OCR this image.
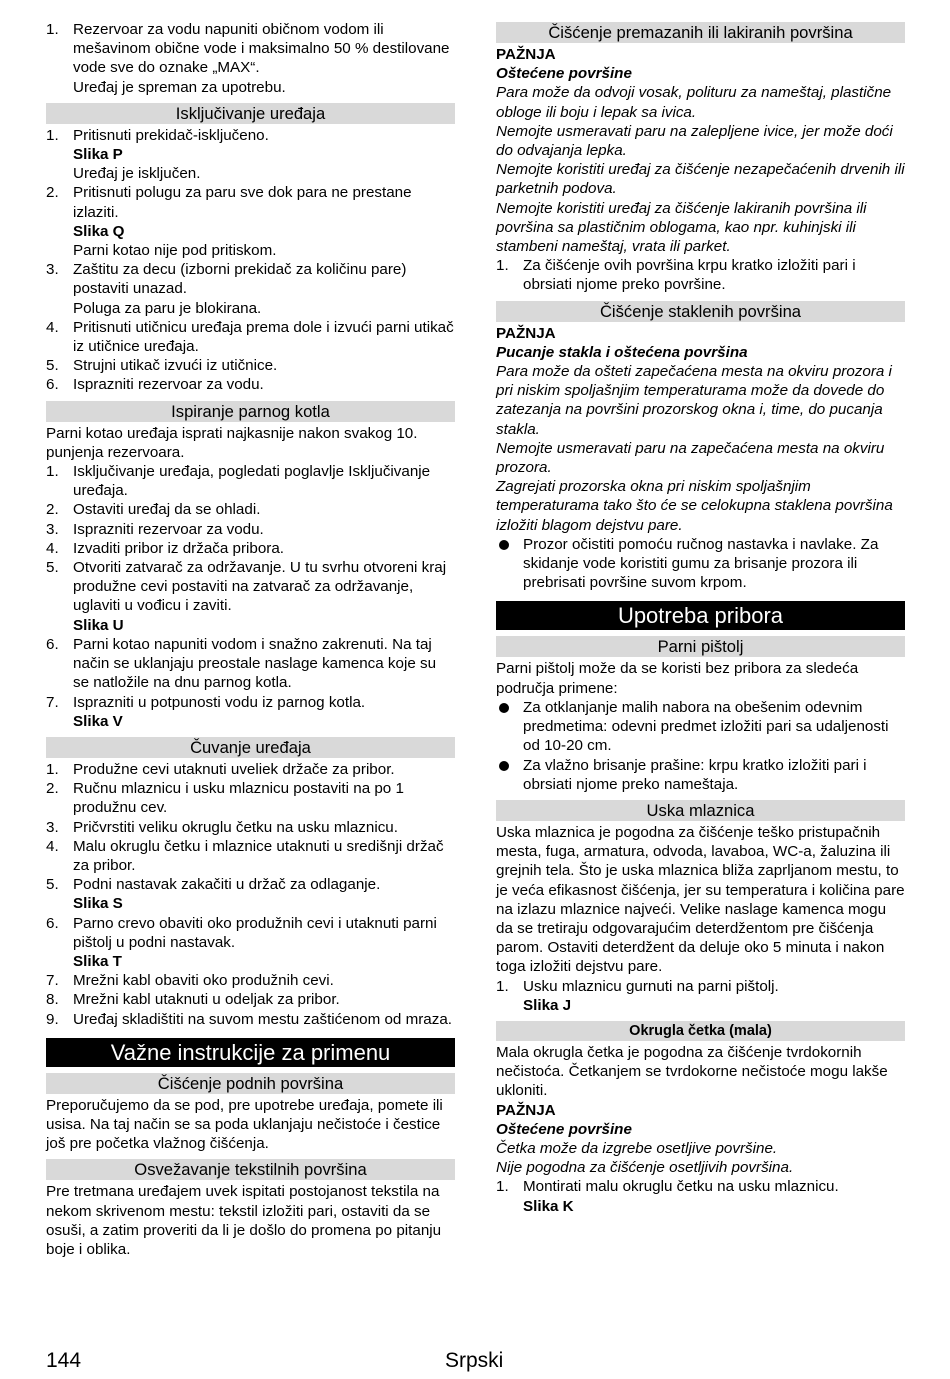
1. Rezervoar za vodu napuniti običnom vodom ili mešavinom obične vode i maksimalno 50 % destilovane vode sve do oznake „MAX“.
Uređaj je spreman za upotrebu.
Isključivanje uređaja
1. Pritisnuti prekidač-isključeno.
Slika P
Uređaj je isključen.
2. Pritisnuti polugu za paru sve dok para ne prestane izlaziti.
Slika Q
Parni kotao nije pod pritiskom.
3. Zaštitu za decu (izborni prekidač za količinu pare) postaviti unazad.
Poluga za paru je blokirana.
4. Pritisnuti utičnicu uređaja prema dole i izvući parni utikač iz utičnice uređaja.
5. Strujni utikač izvući iz utičnice.
6. Isprazniti rezervoar za vodu.
Ispiranje parnog kotla

Parni kotao uređaja isprati najkasnije nakon svakog 10. punjenja rezervoara.

1. Isključivanje uređaja, pogledati poglavlje Isključivanje uređaja.
2. Ostaviti uređaj da se ohladi.
3. Isprazniti rezervoar za vodu.
4. Izvaditi pribor iz držača pribora.
5. Otvoriti zatvarač za održavanje. U tu svrhu otvoreni kraj produžne cevi postaviti na zatvarač za održavanje, uglaviti u vođicu i zaviti.
Slika U
6. Parni kotao napuniti vodom i snažno zakrenuti. Na taj način se uklanjaju preostale naslage kamenca koje su se natložile na dnu parnog kotla.
7. Isprazniti u potpunosti vodu iz parnog kotla.
Slika V
Čuvanje uređaja
1. Produžne cevi utaknuti uveliek držače za pribor.
2. Ručnu mlaznicu i usku mlaznicu postaviti na po 1 produžnu cev.
3. Pričvrstiti veliku okruglu četku na usku mlaznicu.
4. Malu okruglu četku i mlaznice utaknuti u središnji držač za pribor.
5. Podni nastavak zakačiti u držač za odlaganje.
Slika S
6. Parno crevo obaviti oko produžnih cevi i utaknuti parni pištolj u podni nastavak.
Slika T
7. Mrežni kabl obaviti oko produžnih cevi.
8. Mrežni kabl utaknuti u odeljak za pribor.
9. Uređaj skladištiti na suvom mestu zaštićenom od mraza.
Važne instrukcije za primenu
Čišćenje podnih površina

Preporučujemo da se pod, pre upotrebe uređaja, pomete ili usisa. Na taj način se sa poda uklanjaju nečistoće i čestice još pre početka vlažnog čišćenja.

Osvežavanje tekstilnih površina

Pre tretmana uređajem uvek ispitati postojanost tekstila na nekom skrivenom mestu: tekstil izložiti pari, ostaviti da se osuši, a zatim proveriti da li je došlo do promena po pitanju boje i oblika.

Čišćenje premazanih ili lakiranih površina

PAŽNJA

Oštećene površine

Para može da odvoji vosak, polituru za nameštaj, plastične obloge ili boju i lepak sa ivica.

Nemojte usmeravati paru na zalepljene ivice, jer može doći do odvajanja lepka.

Nemojte koristiti uređaj za čišćenje nezapečaćenih drvenih ili parketnih podova.

Nemojte koristiti uređaj za čišćenje lakiranih površina ili površina sa plastičnim oblogama, kao npr. kuhinjski ili stambeni nameštaj, vrata ili parket.

1. Za čišćenje ovih površina krpu kratko izložiti pari i obrsiati njome preko površine.
Čišćenje staklenih površina

PAŽNJA

Pucanje stakla i oštećena površina

Para može da ošteti zapečaćena mesta na okviru prozora i pri niskim spoljašnjim temperaturama može da dovede do zatezanja na površini prozorskog okna i, time, do pucanja stakla.

Nemojte usmeravati paru na zapečaćena mesta na okviru prozora.

Zagrejati prozorska okna pri niskim spoljašnjim temperaturama tako što će se celokupna staklena površina izložiti blagom dejstvu pare.

Prozor očistiti pomoću ručnog nastavka i navlake. Za skidanje vode koristiti gumu za brisanje prozora ili prebrisati površine suvom krpom.
Upotreba pribora
Parni pištolj

Parni pištolj može da se koristi bez pribora za sledeća područja primene:

Za otklanjanje malih nabora na obešenim odevnim predmetima: odevni predmet izložiti pari sa udaljenosti od 10-20 cm.
Za vlažno brisanje prašine: krpu kratko izložiti pari i obrsiati njome preko nameštaja.
Uska mlaznica

Uska mlaznica je pogodna za čišćenje teško pristupačnih mesta, fuga, armatura, odvoda, lavaboa, WC-a, žaluzina ili grejnih tela. Što je uska mlaznica bliža zaprljanom mestu, to je veća efikasnost čišćenja, jer su temperatura i količina pare na izlazu mlaznice najveći. Velike naslage kamenca mogu da se tretiraju odgovarajućim deterdžentom pre čišćenja parom. Ostaviti deterdžent da deluje oko 5 minuta i nakon toga izložiti dejstvu pare.

1. Usku mlaznicu gurnuti na parni pištolj.
Slika J
Okrugla četka (mala)

Mala okrugla četka je pogodna za čišćenje tvrdokornih nečistoća. Četkanjem se tvrdokorne nečistoće mogu lakše ukloniti.

PAŽNJA

Oštećene površine

Četka može da izgrebe osetljive površine.

Nije pogodna za čišćenje osetljivih površina.

1. Montirati malu okruglu četku na usku mlaznicu.
Slika K
144	Srpski
